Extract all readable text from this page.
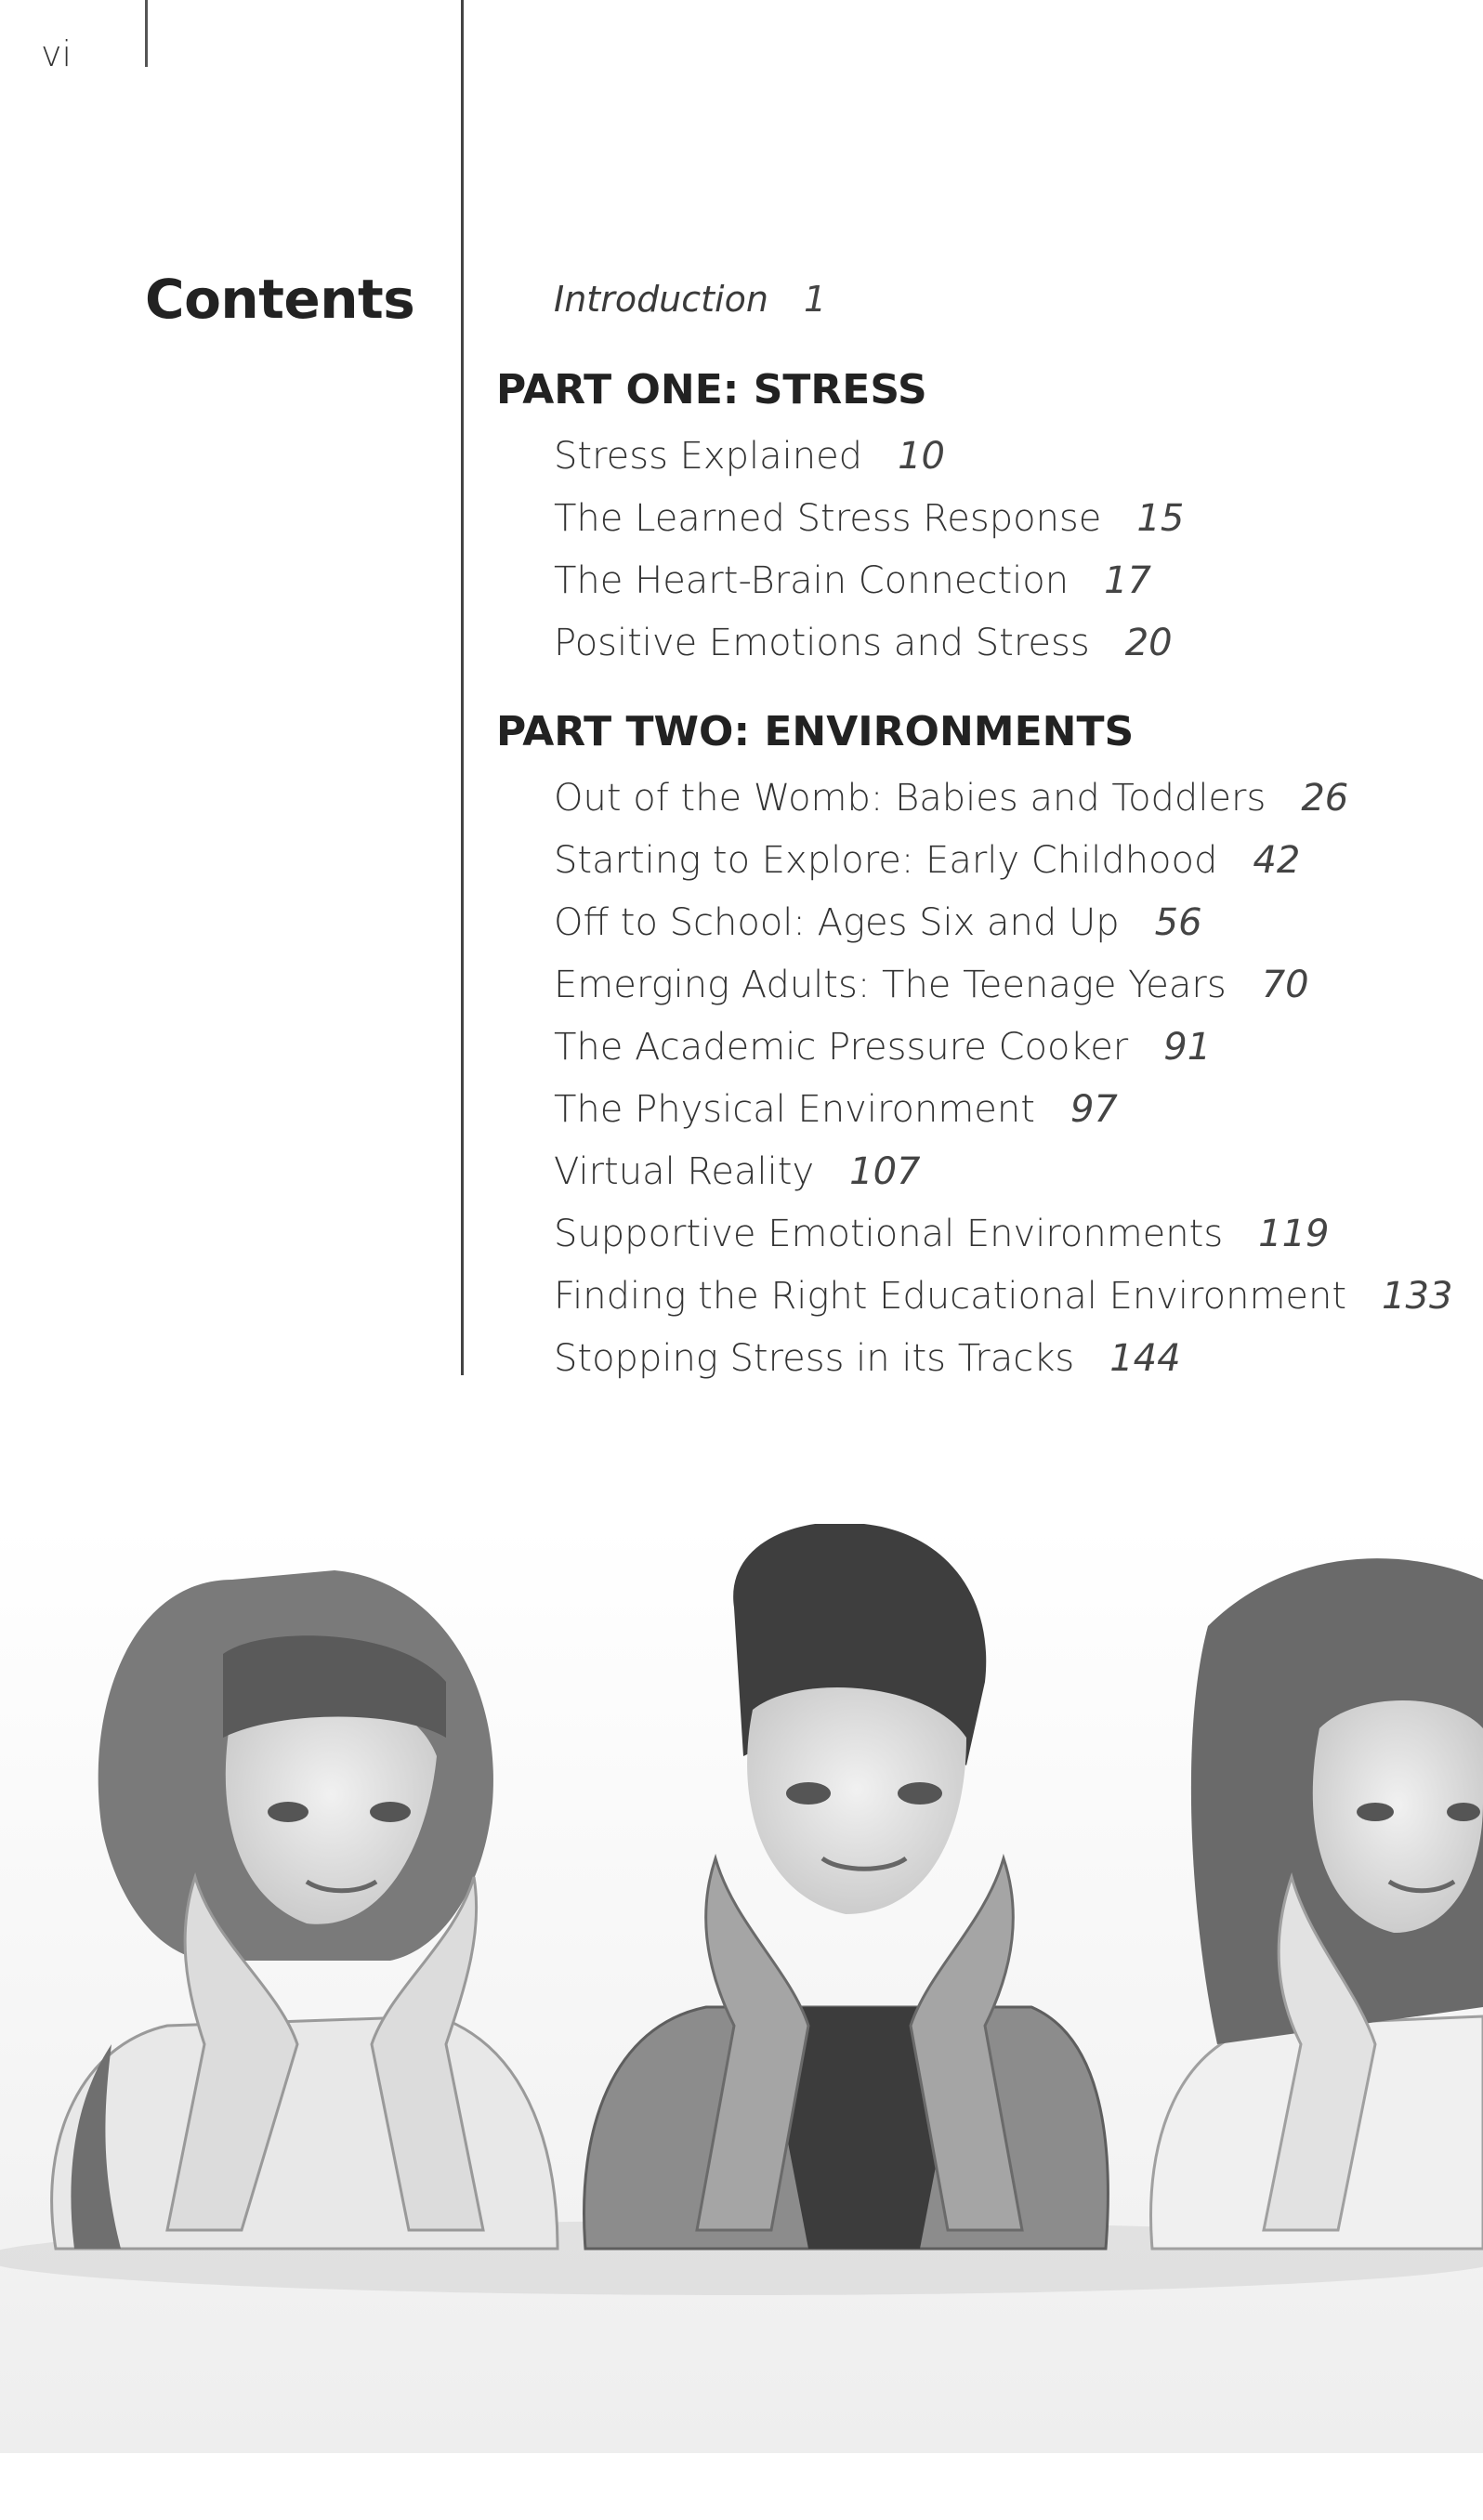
vi
Contents	Introduction 1
PART ONE: STRESS
Stress Explained 10
The Learned Stress Response 15
The Heart-Brain Connection 17
Positive Emotions and Stress 20
PART TWO: ENVIRONMENTS
Out of the Womb: Babies and Toddlers 26
Starting to Explore: Early Childhood 42
Off to School: Ages Six and Up 56
Emerging Adults: The Teenage Years 70
The Academic Pressure Cooker 91
The Physical Environment 97
Virtual Reality 107
Supportive Emotional Environments 119
Finding the Right Educational Environment 133
Stopping Stress in its Tracks 144
